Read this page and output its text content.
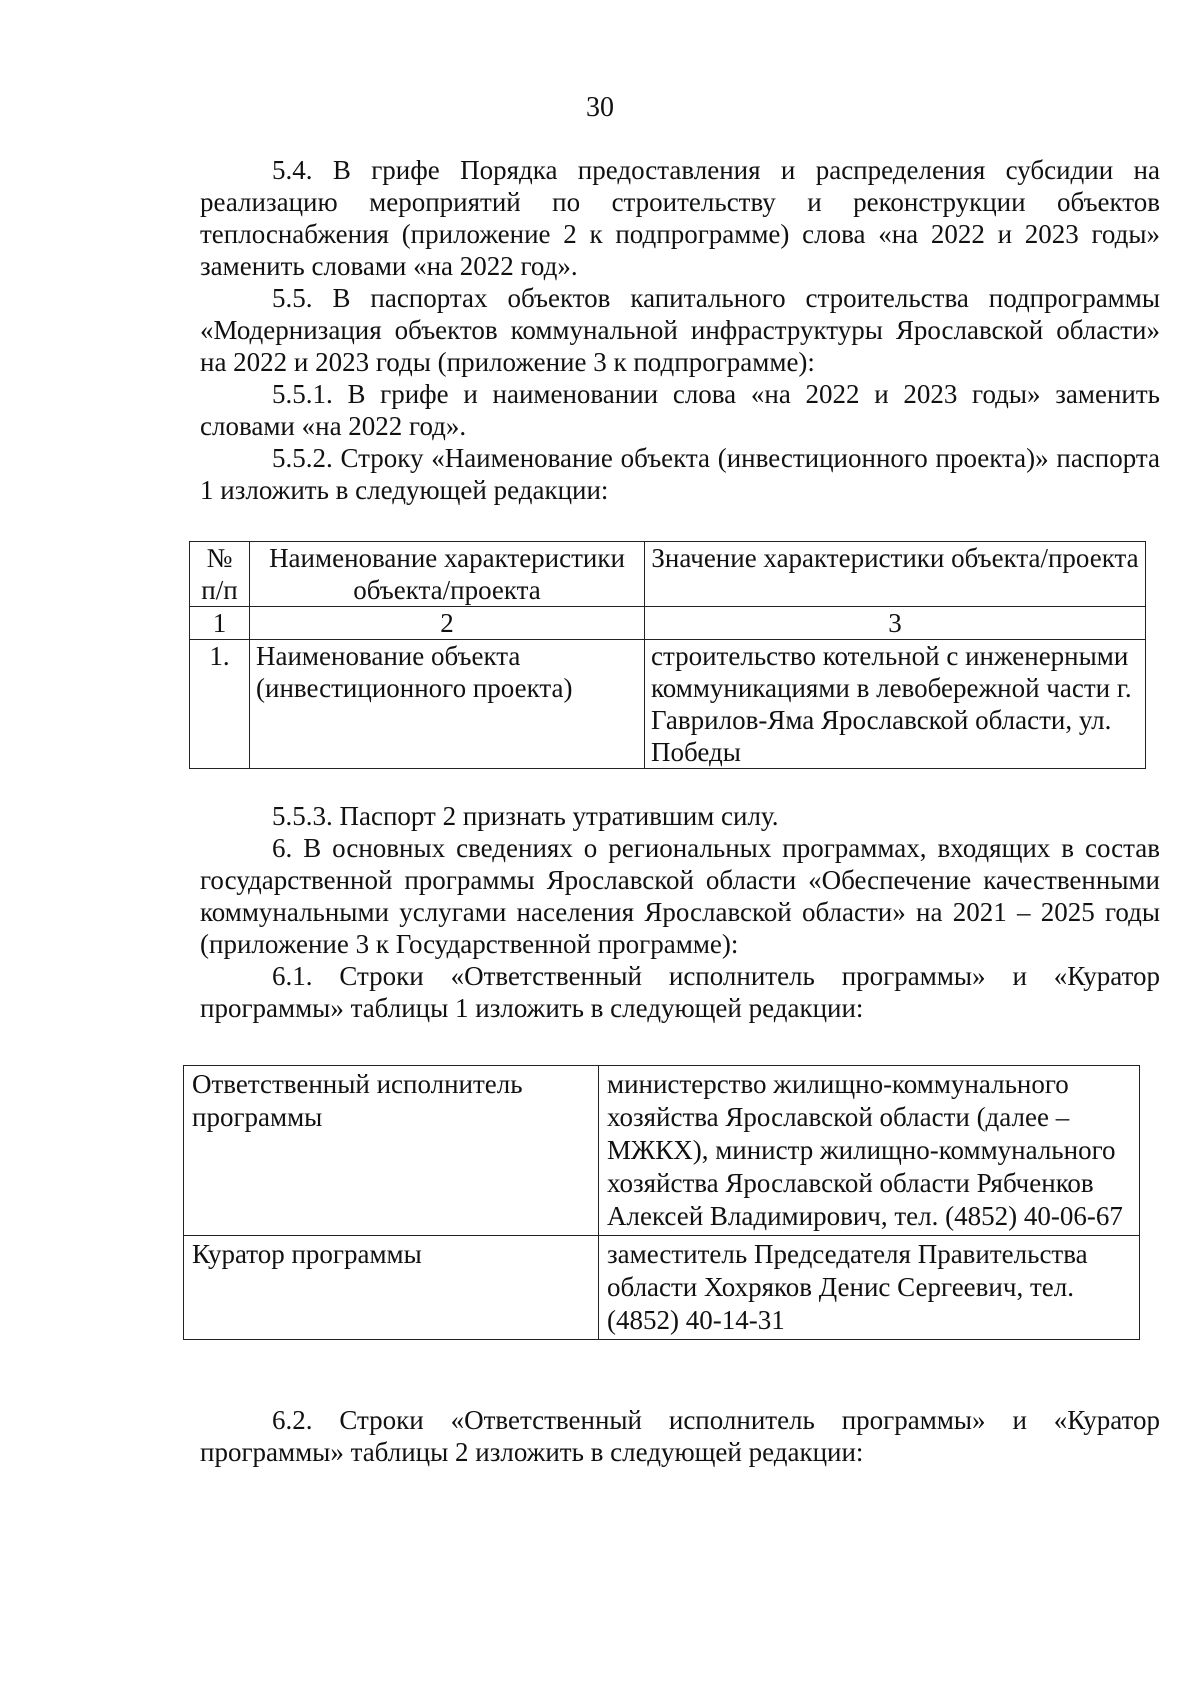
30

5.4. В грифе Порядка предоставления и распределения субсидии на реализацию мероприятий по строительству и реконструкции объектов теплоснабжения (приложение 2 к подпрограмме) слова «на 2022 и 2023 годы» заменить словами «на 2022 год».

5.5. В паспортах объектов капитального строительства подпрограммы «Модернизация объектов коммунальной инфраструктуры Ярославской области» на 2022 и 2023 годы (приложение 3 к подпрограмме):

5.5.1. В грифе и наименовании слова «на 2022 и 2023 годы» заменить словами «на 2022 год».

5.5.2. Строку «Наименование объекта (инвестиционного проекта)» паспорта 1 изложить в следующей редакции:

№ п/п	Наименование характеристики объекта/проекта	Значение характеристики объекта/проекта
1	2	3
1.	Наименование объекта (инвестиционного проекта)	строительство котельной с инженерными коммуникациями в левобережной части г. Гаврилов-Яма Ярославской области, ул. Победы

5.5.3. Паспорт 2 признать утратившим силу.

6. В основных сведениях о региональных программах, входящих в состав государственной программы Ярославской области «Обеспечение качественными коммунальными услугами населения Ярославской области» на 2021 – 2025 годы (приложение 3 к Государственной программе):

6.1. Строки «Ответственный исполнитель программы» и «Куратор программы» таблицы 1 изложить в следующей редакции:

Ответственный исполнитель программы	министерство жилищно-коммунального хозяйства Ярославской области (далее – МЖКХ), министр жилищно-коммунального хозяйства Ярославской области Рябченков Алексей Владимирович, тел. (4852) 40-06-67
Куратор программы	заместитель Председателя Правительства области Хохряков Денис Сергеевич, тел. (4852) 40-14-31

6.2. Строки «Ответственный исполнитель программы» и «Куратор программы» таблицы 2 изложить в следующей редакции:
